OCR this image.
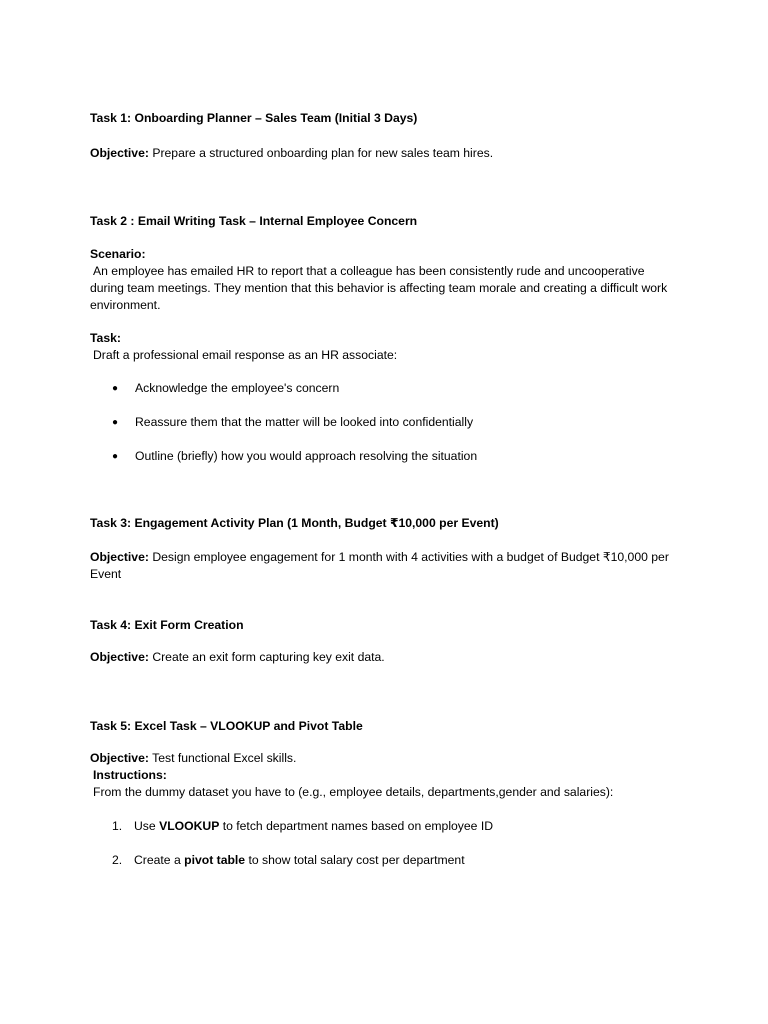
Task 1: Onboarding Planner – Sales Team (Initial 3 Days)
Objective: Prepare a structured onboarding plan for new sales team hires.
Task 2 : Email Writing Task – Internal Employee Concern
Scenario:
An employee has emailed HR to report that a colleague has been consistently rude and uncooperative during team meetings. They mention that this behavior is affecting team morale and creating a difficult work environment.
Task:
Draft a professional email response as an HR associate:
●	Acknowledge the employee's concern
●	Reassure them that the matter will be looked into confidentially
●	Outline (briefly) how you would approach resolving the situation
Task 3: Engagement Activity Plan (1 Month, Budget ₹10,000 per Event)
Objective: Design employee engagement for 1 month with 4 activities with a budget of Budget ₹10,000 per Event
Task 4: Exit Form Creation
Objective: Create an exit form capturing key exit data.
Task 5: Excel Task – VLOOKUP and Pivot Table
Objective: Test functional Excel skills.
Instructions:
From the dummy dataset you have to (e.g., employee details, departments,gender and salaries):
1. Use VLOOKUP to fetch department names based on employee ID
2. Create a pivot table to show total salary cost per department
